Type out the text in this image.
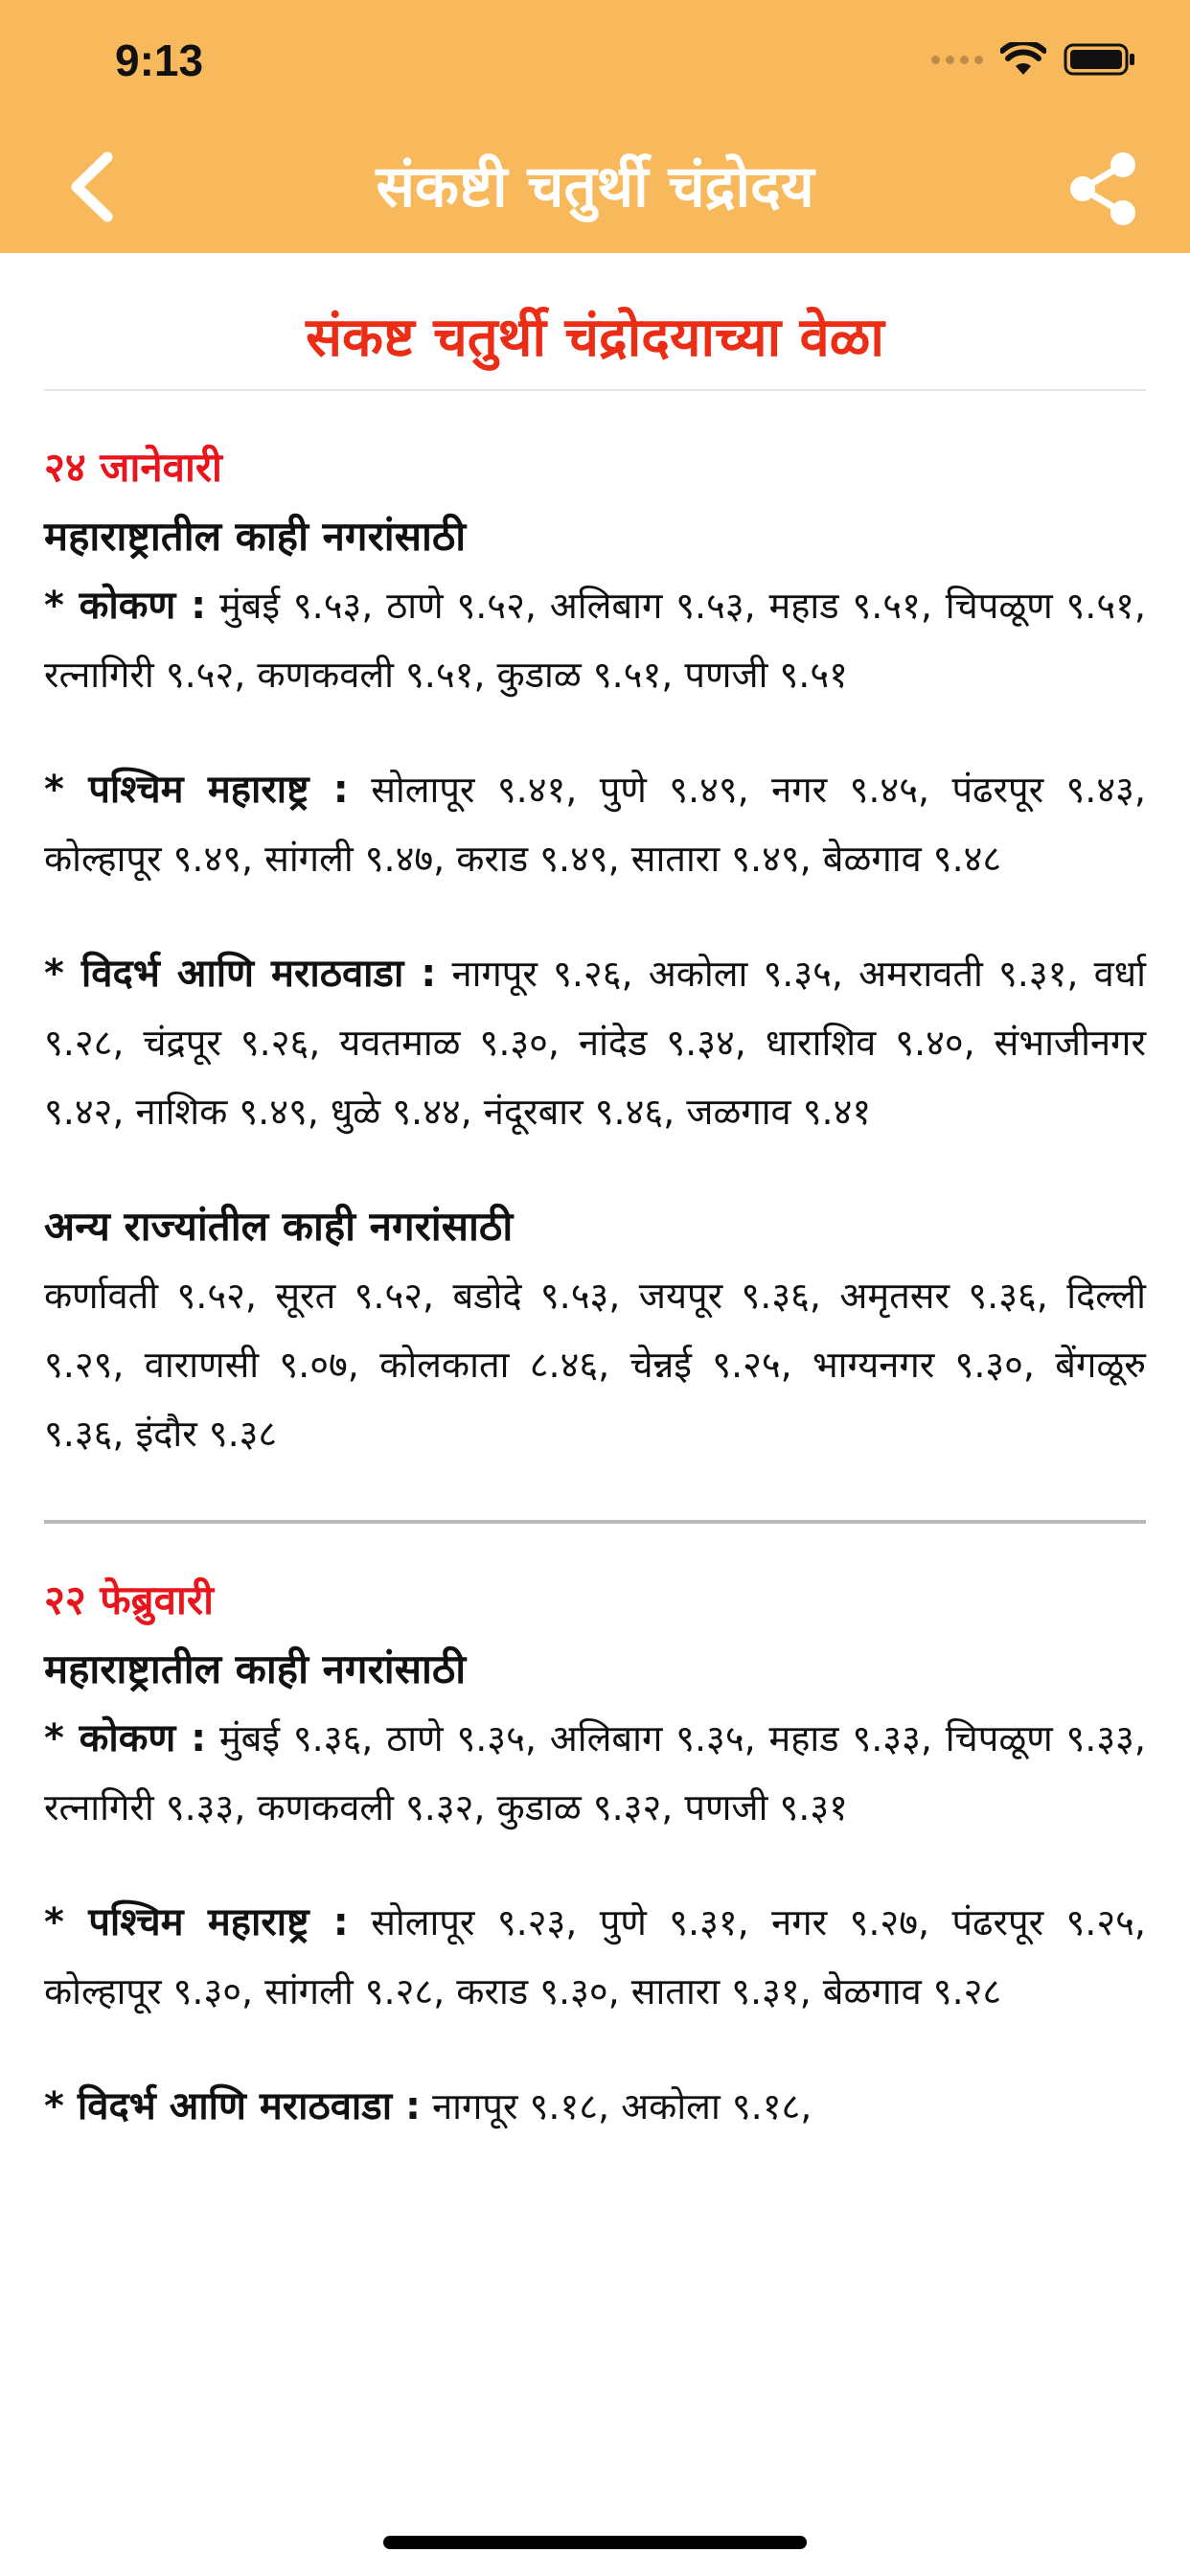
9:13
संकष्टी चतुर्थी चंद्रोदय
संकष्ट चतुर्थी चंद्रोदयाच्या वेळा
२४ जानेवारी
महाराष्ट्रातील काही नगरांसाठी

* कोकण : मुंबई ९.५३, ठाणे ९.५२, अलिबाग ९.५३, महाड ९.५१, चिपळूण ९.५१, रत्नागिरी ९.५२, कणकवली ९.५१, कुडाळ ९.५१, पणजी ९.५१

* पश्चिम महाराष्ट्र : सोलापूर ९.४१, पुणे ९.४९, नगर ९.४५, पंढरपूर ९.४३, कोल्हापूर ९.४९, सांगली ९.४७, कराड ९.४९, सातारा ९.४९, बेळगाव ९.४८

* विदर्भ आणि मराठवाडा : नागपूर ९.२६, अकोला ९.३५, अमरावती ९.३१, वर्धा ९.२८, चंद्रपूर ९.२६, यवतमाळ ९.३०, नांदेड ९.३४, धाराशिव ९.४०, संभाजीनगर ९.४२, नाशिक ९.४९, धुळे ९.४४, नंदूरबार ९.४६, जळगाव ९.४१

अन्य राज्यांतील काही नगरांसाठी

कर्णावती ९.५२, सूरत ९.५२, बडोदे ९.५३, जयपूर ९.३६, अमृतसर ९.३६, दिल्ली ९.२९, वाराणसी ९.०७, कोलकाता ८.४६, चेन्नई ९.२५, भाग्यनगर ९.३०, बेंगळूरु ९.३६, इंदौर ९.३८

२२ फेब्रुवारी
महाराष्ट्रातील काही नगरांसाठी

* कोकण : मुंबई ९.३६, ठाणे ९.३५, अलिबाग ९.३५, महाड ९.३३, चिपळूण ९.३३, रत्नागिरी ९.३३, कणकवली ९.३२, कुडाळ ९.३२, पणजी ९.३१

* पश्चिम महाराष्ट्र : सोलापूर ९.२३, पुणे ९.३१, नगर ९.२७, पंढरपूर ९.२५, कोल्हापूर ९.३०, सांगली ९.२८, कराड ९.३०, सातारा ९.३१, बेळगाव ९.२८

* विदर्भ आणि मराठवाडा : नागपूर ९.१८, अकोला ९.१८,
